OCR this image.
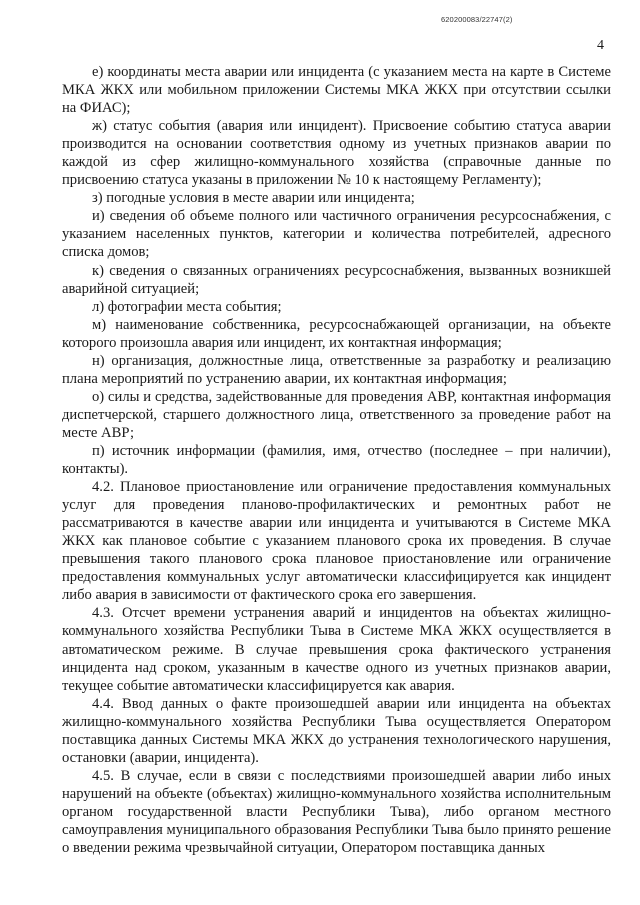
620200083/22747(2)
4

е) координаты места аварии или инцидента (с указанием места на карте в Системе МКА ЖКХ или мобильном приложении Системы МКА ЖКХ при отсутствии ссылки на ФИАС);

ж) статус события (авария или инцидент). Присвоение событию статуса аварии производится на основании соответствия одному из учетных признаков аварии по каждой из сфер жилищно-коммунального хозяйства (справочные данные по присвоению статуса указаны в приложении № 10 к настоящему Регламенту);

з) погодные условия в месте аварии или инцидента;

и) сведения об объеме полного или частичного ограничения ресурсоснабжения, с указанием населенных пунктов, категории и количества потребителей, адресного списка домов;

к) сведения о связанных ограничениях ресурсоснабжения, вызванных возникшей аварийной ситуацией;

л) фотографии места события;

м) наименование собственника, ресурсоснабжающей организации, на объекте которого произошла авария или инцидент, их контактная информация;

н) организация, должностные лица, ответственные за разработку и реализацию плана мероприятий по устранению аварии, их контактная информация;

о) силы и средства, задействованные для проведения АВР, контактная информация диспетчерской, старшего должностного лица, ответственного за проведение работ на месте АВР;

п) источник информации (фамилия, имя, отчество (последнее – при наличии), контакты).

4.2. Плановое приостановление или ограничение предоставления коммунальных услуг для проведения планово-профилактических и ремонтных работ не рассматриваются в качестве аварии или инцидента и учитываются в Системе МКА ЖКХ как плановое событие с указанием планового срока их проведения. В случае превышения такого планового срока плановое приостановление или ограничение предоставления коммунальных услуг автоматически классифицируется как инцидент либо авария в зависимости от фактического срока его завершения.

4.3. Отсчет времени устранения аварий и инцидентов на объектах жилищно-коммунального хозяйства Республики Тыва в Системе МКА ЖКХ осуществляется в автоматическом режиме. В случае превышения срока фактического устранения инцидента над сроком, указанным в качестве одного из учетных признаков аварии, текущее событие автоматически классифицируется как авария.

4.4. Ввод данных о факте произошедшей аварии или инцидента на объектах жилищно-коммунального хозяйства Республики Тыва осуществляется Оператором поставщика данных Системы МКА ЖКХ до устранения технологического нарушения, остановки (аварии, инцидента).

4.5. В случае, если в связи с последствиями произошедшей аварии либо иных нарушений на объекте (объектах) жилищно-коммунального хозяйства исполнительным органом государственной власти Республики Тыва), либо органом местного самоуправления муниципального образования Республики Тыва было принято решение о введении режима чрезвычайной ситуации, Оператором поставщика данных
